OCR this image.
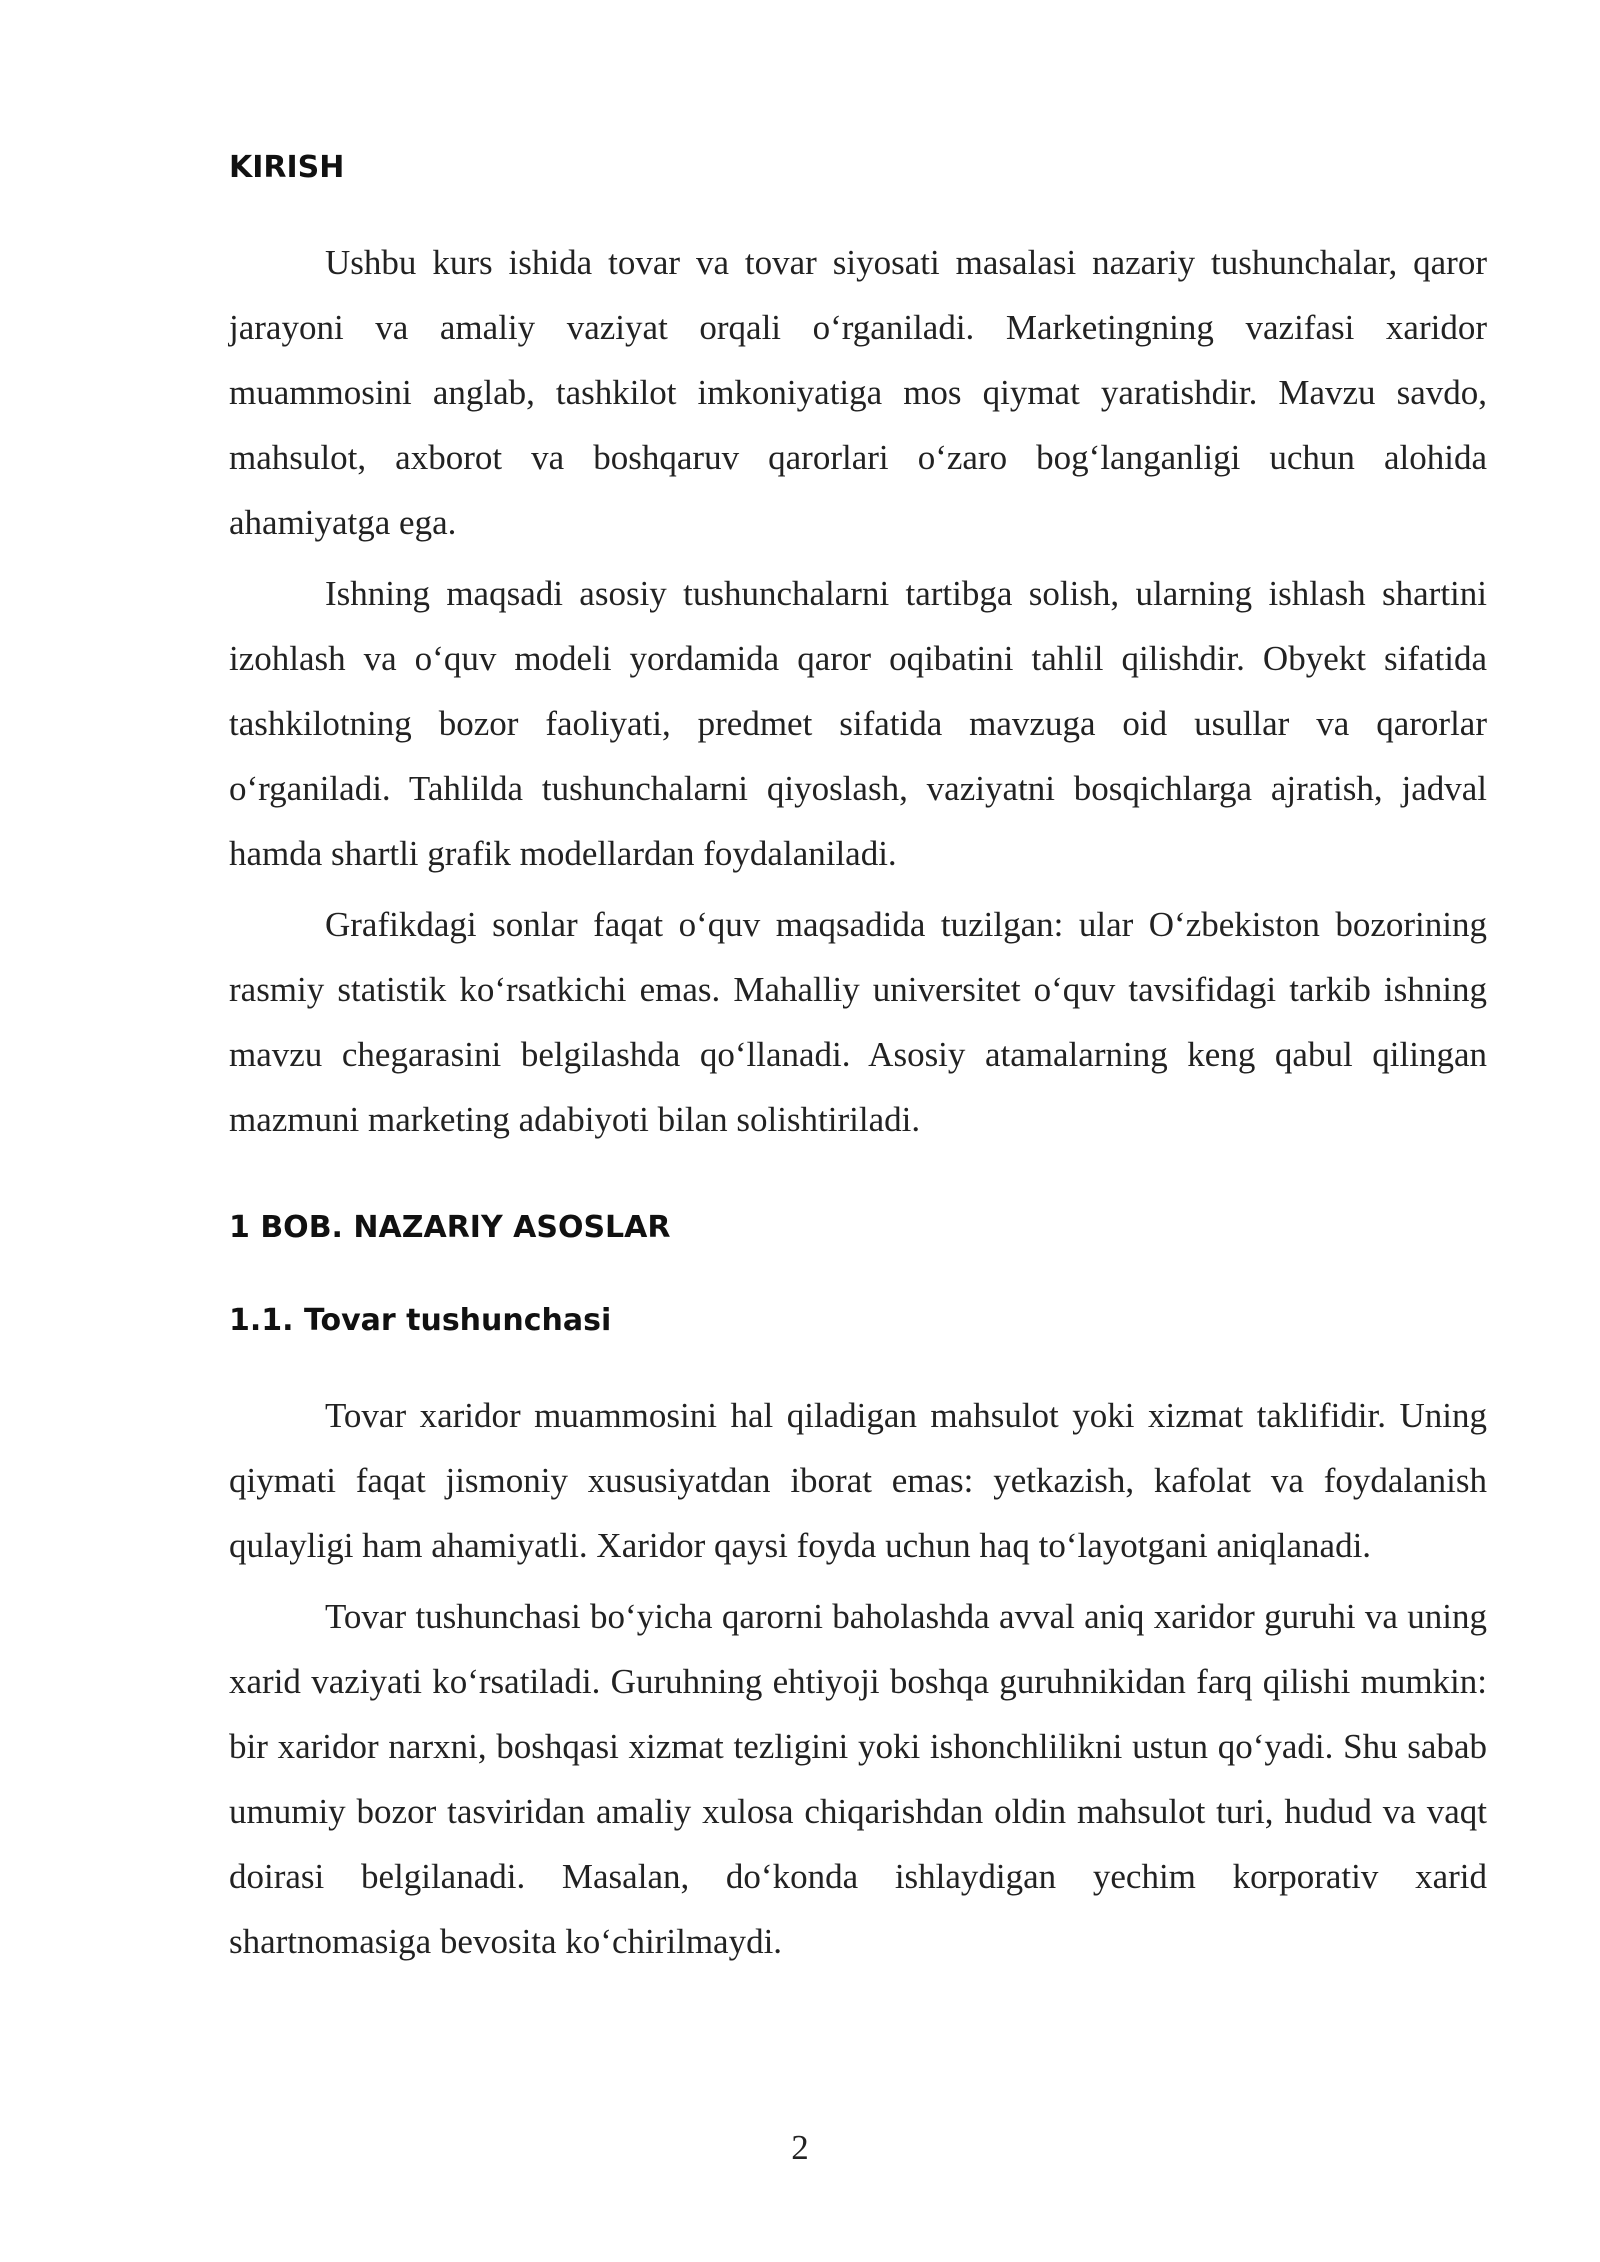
KIRISH

Ushbu kurs ishida tovar va tovar siyosati masalasi nazariy tushunchalar, qaror jarayoni va amaliy vaziyat orqali o‘rganiladi. Marketingning vazifasi xaridor muammosini anglab, tashkilot imkoniyatiga mos qiymat yaratishdir. Mavzu savdo, mahsulot, axborot va boshqaruv qarorlari o‘zaro bog‘langanligi uchun alohida ahamiyatga ega.

Ishning maqsadi asosiy tushunchalarni tartibga solish, ularning ishlash shartini izohlash va o‘quv modeli yordamida qaror oqibatini tahlil qilishdir. Obyekt sifatida tashkilotning bozor faoliyati, predmet sifatida mavzuga oid usullar va qarorlar o‘rganiladi. Tahlilda tushunchalarni qiyoslash, vaziyatni bosqichlarga ajratish, jadval hamda shartli grafik modellardan foydalaniladi.

Grafikdagi sonlar faqat o‘quv maqsadida tuzilgan: ular O‘zbekiston bozorining rasmiy statistik ko‘rsatkichi emas. Mahalliy universitet o‘quv tavsifidagi tarkib ishning mavzu chegarasini belgilashda qo‘llanadi. Asosiy atamalarning keng qabul qilingan mazmuni marketing adabiyoti bilan solishtiriladi.

1 BOB. NAZARIY ASOSLAR
1.1. Tovar tushunchasi

Tovar xaridor muammosini hal qiladigan mahsulot yoki xizmat taklifidir. Uning qiymati faqat jismoniy xususiyatdan iborat emas: yetkazish, kafolat va foydalanish qulayligi ham ahamiyatli. Xaridor qaysi foyda uchun haq to‘layotgani aniqlanadi.

Tovar tushunchasi bo‘yicha qarorni baholashda avval aniq xaridor guruhi va uning xarid vaziyati ko‘rsatiladi. Guruhning ehtiyoji boshqa guruhnikidan farq qilishi mumkin: bir xaridor narxni, boshqasi xizmat tezligini yoki ishonchlilikni ustun qo‘yadi. Shu sabab umumiy bozor tasviridan amaliy xulosa chiqarishdan oldin mahsulot turi, hudud va vaqt doirasi belgilanadi. Masalan, do‘konda ishlaydigan yechim korporativ xarid shartnomasiga bevosita ko‘chirilmaydi.

2
